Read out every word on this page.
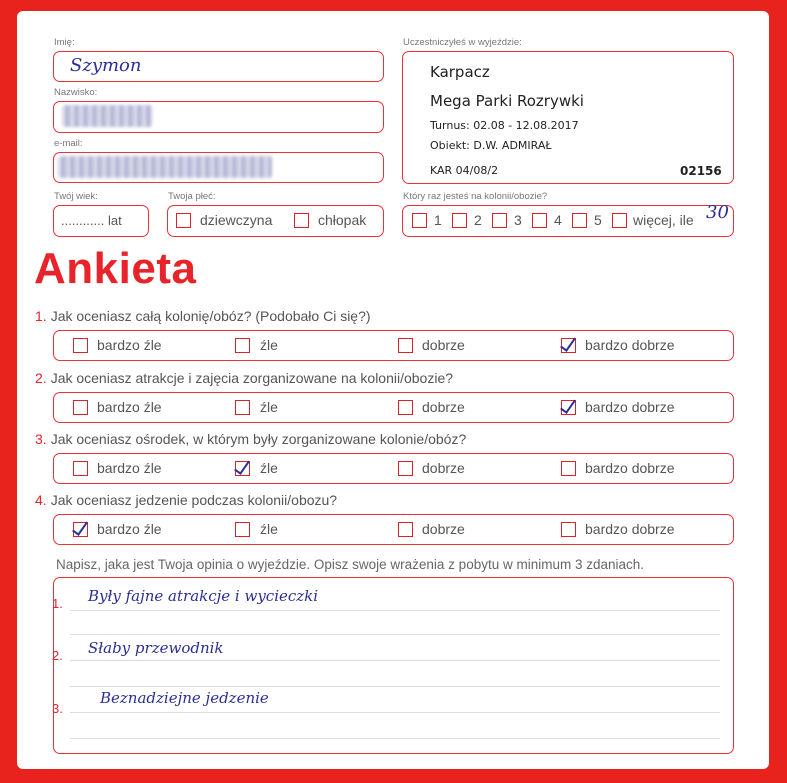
Imię:
Szymon
Nazwisko:
e-mail:
Twój wiek:
............ lat
Twoja płeć:
dziewczyna	chłopak
Uczestniczyłeś w wyjeździe:
Karpacz
Mega Parki Rozrywki
Turnus: 02.08 - 12.08.2017
Obiekt: D.W. ADMIRAŁ
KAR 04/08/2	02156
Który raz jesteś na kolonii/obozie?
1 2 3 4 5 więcej, ile 30
Ankieta
1. Jak oceniasz całą kolonię/obóz? (Podobało Ci się?)
bardzo źle	źle	dobrze	bardzo dobrze
2. Jak oceniasz atrakcje i zajęcia zorganizowane na kolonii/obozie?
bardzo źle	źle	dobrze	bardzo dobrze
3. Jak oceniasz ośrodek, w którym były zorganizowane kolonie/obóz?
bardzo źle	źle	dobrze	bardzo dobrze
4. Jak oceniasz jedzenie podczas kolonii/obozu?
bardzo źle	źle	dobrze	bardzo dobrze
Napisz, jaka jest Twoja opinia o wyjeździe. Opisz swoje wrażenia z pobytu w minimum 3 zdaniach.
1.
2.
3.
Były fajne atrakcje i wycieczki
Słaby przewodnik
Beznadziejne jedzenie
